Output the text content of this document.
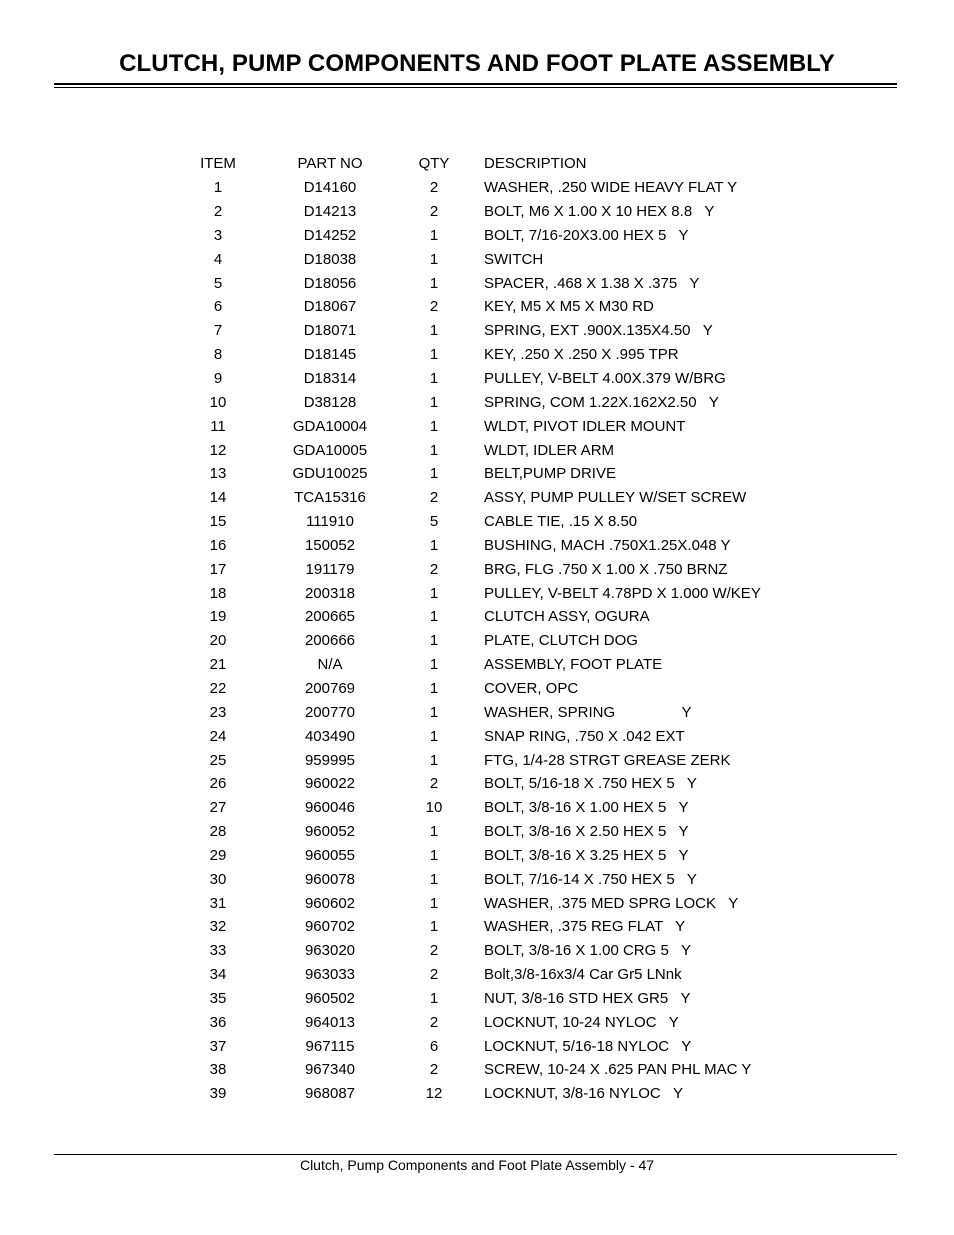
CLUTCH, PUMP COMPONENTS AND FOOT PLATE ASSEMBLY
ITEM	PART NO	QTY	DESCRIPTION
1	D14160	2	WASHER, .250 WIDE HEAVY FLAT Y
2	D14213	2	BOLT, M6 X 1.00 X 10 HEX 8.8   Y
3	D14252	1	BOLT, 7/16-20X3.00 HEX 5   Y
4	D18038	1	SWITCH
5	D18056	1	SPACER, .468 X 1.38 X .375   Y
6	D18067	2	KEY, M5 X M5 X M30 RD
7	D18071	1	SPRING, EXT .900X.135X4.50   Y
8	D18145	1	KEY, .250 X .250 X .995 TPR
9	D18314	1	PULLEY, V-BELT 4.00X.379 W/BRG
10	D38128	1	SPRING, COM 1.22X.162X2.50   Y
11	GDA10004	1	WLDT, PIVOT IDLER MOUNT
12	GDA10005	1	WLDT, IDLER ARM
13	GDU10025	1	BELT,PUMP DRIVE
14	TCA15316	2	ASSY, PUMP PULLEY W/SET SCREW
15	111910	5	CABLE TIE, .15 X 8.50
16	150052	1	BUSHING, MACH .750X1.25X.048 Y
17	191179	2	BRG, FLG .750 X 1.00 X .750 BRNZ
18	200318	1	PULLEY, V-BELT 4.78PD X 1.000 W/KEY
19	200665	1	CLUTCH ASSY, OGURA
20	200666	1	PLATE, CLUTCH DOG
21	N/A	1	ASSEMBLY, FOOT PLATE
22	200769	1	COVER, OPC
23	200770	1	WASHER, SPRING                Y
24	403490	1	SNAP RING, .750 X .042 EXT
25	959995	1	FTG, 1/4-28 STRGT GREASE ZERK
26	960022	2	BOLT, 5/16-18 X .750 HEX 5   Y
27	960046	10	BOLT, 3/8-16 X 1.00 HEX 5   Y
28	960052	1	BOLT, 3/8-16 X 2.50 HEX 5   Y
29	960055	1	BOLT, 3/8-16 X 3.25 HEX 5   Y
30	960078	1	BOLT, 7/16-14 X .750 HEX 5   Y
31	960602	1	WASHER, .375 MED SPRG LOCK   Y
32	960702	1	WASHER, .375 REG FLAT   Y
33	963020	2	BOLT, 3/8-16 X 1.00 CRG 5   Y
34	963033	2	Bolt,3/8-16x3/4 Car Gr5 LNnk
35	960502	1	NUT, 3/8-16 STD HEX GR5   Y
36	964013	2	LOCKNUT, 10-24 NYLOC   Y
37	967115	6	LOCKNUT, 5/16-18 NYLOC   Y
38	967340	2	SCREW, 10-24 X .625 PAN PHL MAC Y
39	968087	12	LOCKNUT, 3/8-16 NYLOC   Y
Clutch, Pump Components and Foot Plate Assembly - 47
